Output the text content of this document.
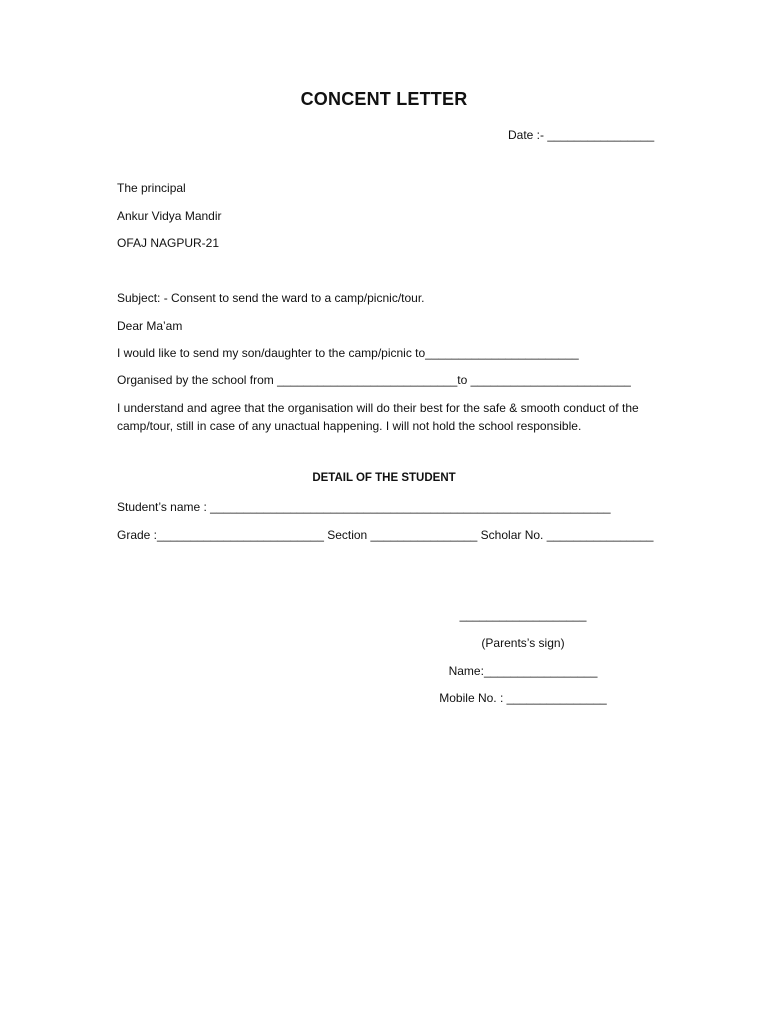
CONCENT LETTER
Date :- ________________
The principal
Ankur Vidya Mandir
OFAJ NAGPUR-21
Subject: - Consent to send the ward to a camp/picnic/tour.
Dear Ma’am
I would like to send my son/daughter to the camp/picnic to_______________________
Organised by the school from ___________________________to ________________________
I understand and agree that the organisation will do their best for the safe & smooth conduct of the camp/tour, still in case of any unactual happening. I will not hold the school responsible.
DETAIL OF THE STUDENT
Student’s name : ____________________________________________________________
Grade :_________________________ Section ________________ Scholar No. ________________
___________________
(Parents’s sign)
Name:_________________
Mobile No. : _______________
